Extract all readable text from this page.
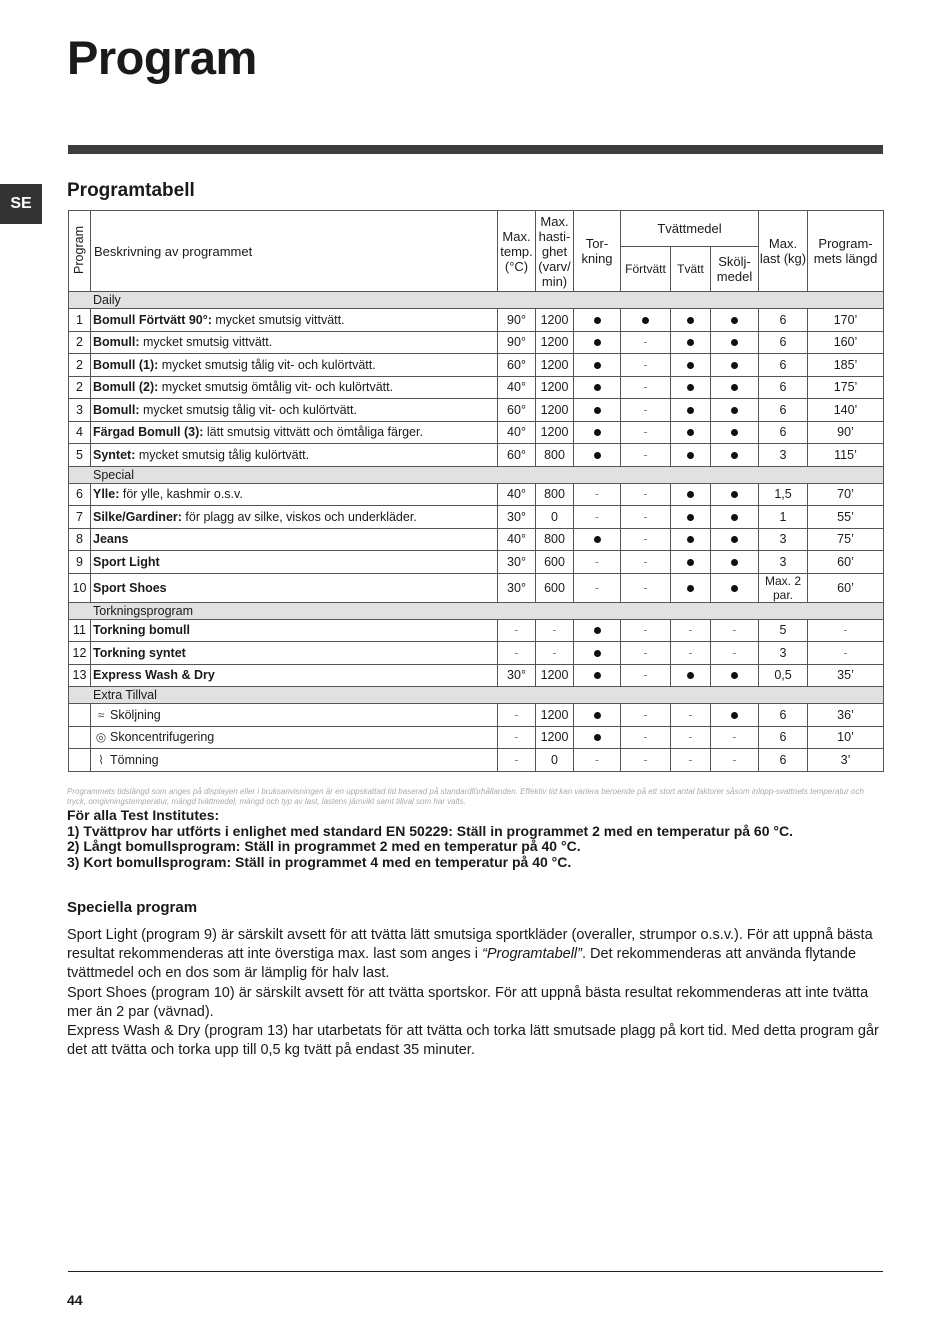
Program
SE
Programtabell
Program	Beskrivning av programmet	Max. temp. (°C)	Max. hasti- ghet (varv/ min)	Tor- kning	Tvättmedel			Max. last (kg)	Program- mets längd
					Förtvätt	Tvätt	Skölj- medel		
Daily									
1	Bomull Förtvätt 90°: mycket smutsig vittvätt.	90°	1200					6	170’
2	Bomull: mycket smutsig vittvätt.	90°	1200		-			6	160’
2	Bomull (1): mycket smutsig tålig vit- och kulörtvätt.	60°	1200		-			6	185’
2	Bomull (2): mycket smutsig ömtålig vit- och kulörtvätt.	40°	1200		-			6	175’
3	Bomull: mycket smutsig tålig vit- och kulörtvätt.	60°	1200		-			6	140’
4	Färgad Bomull (3): lätt smutsig vittvätt och ömtåliga färger.	40°	1200		-			6	90’
5	Syntet: mycket smutsig tålig kulörtvätt.	60°	800		-			3	115’
Special									
6	Ylle: för ylle, kashmir o.s.v.	40°	800	-	-			1,5	70’
7	Silke/Gardiner: för plagg av silke, viskos och underkläder.	30°	0	-	-			1	55’
8	Jeans	40°	800		-			3	75’
9	Sport Light	30°	600	-	-			3	60’
10	Sport Shoes	30°	600	-	-			Max. 2 par.	60’
Torkningsprogram									
11	Torkning bomull	-	-		-	-	-	5	-
12	Torkning syntet	-	-		-	-	-	3	-
13	Express Wash & Dry	30°	1200		-			0,5	35’
Extra Tillval									
	≈ Sköljning	-	1200		-	-		6	36’
	◎ Skoncentrifugering	-	1200		-	-	-	6	10’
	⌇ Tömning	-	0	-	-	-	-	6	3’

Programmets tidslängd som anges på displayen eller i bruksanvisningen är en uppskattad tid baserad på standardförhållanden. Effektiv tid kan variera beroende på ett stort antal faktorer såsom inlopp-svattnets temperatur och tryck, omgivningstemperatur, mängd tvättmedel, mängd och typ av last, lastens jämvikt samt tillval som har valts.

För alla Test Institutes:
1) Tvättprov har utförts i enlighet med standard EN 50229: Ställ in programmet 2 med en temperatur på 60 °C.
2) Långt bomullsprogram: Ställ in programmet 2 med en temperatur på 40 °C.
3) Kort bomullsprogram: Ställ in programmet 4 med en temperatur på 40 °C.
Speciella program

Sport Light (program 9) är särskilt avsett för att tvätta lätt smutsiga sportkläder (overaller, strumpor o.s.v.). För att uppnå bästa resultat rekommenderas att inte överstiga max. last som anges i “Programtabell”. Det rekommenderas att använda flytande tvättmedel och en dos som är lämplig för halv last.

Sport Shoes (program 10) är särskilt avsett för att tvätta sportskor. För att uppnå bästa resultat rekommenderas att inte tvätta mer än 2 par (vävnad).

Express Wash & Dry (program 13) har utarbetats för att tvätta och torka lätt smutsade plagg på kort tid. Med detta program går det att tvätta och torka upp till 0,5 kg tvätt på endast 35 minuter.

44
